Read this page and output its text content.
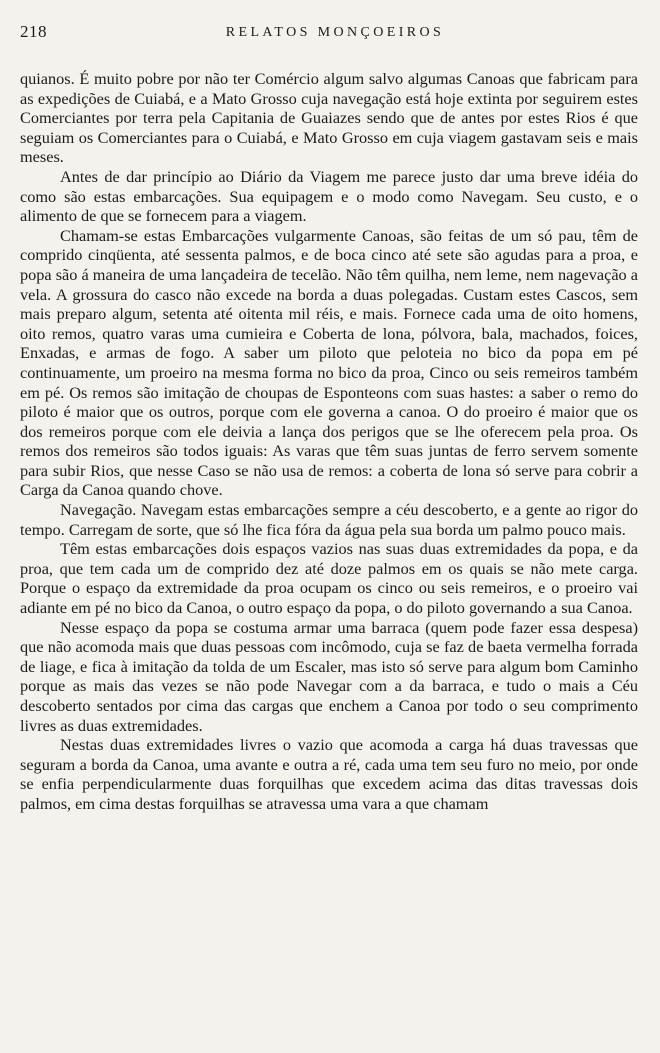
218	RELATOS MONÇOEIROS

quianos. É muito pobre por não ter Comércio algum salvo algumas Canoas que fabricam para as expedições de Cuiabá, e a Mato Grosso cuja navegação está hoje extinta por seguirem estes Comerciantes por terra pela Capitania de Guaiazes sendo que de antes por estes Rios é que seguiam os Comerciantes para o Cuiabá, e Mato Grosso em cuja viagem gastavam seis e mais meses.

Antes de dar princípio ao Diário da Viagem me parece justo dar uma breve idéia do como são estas embarcações. Sua equipagem e o modo como Navegam. Seu custo, e o alimento de que se fornecem para a viagem.

Chamam-se estas Embarcações vulgarmente Canoas, são feitas de um só pau, têm de comprido cinqüenta, até sessenta palmos, e de boca cinco até sete são agudas para a proa, e popa são á maneira de uma lançadeira de tecelão. Não têm quilha, nem leme, nem nagevação a vela. A grossura do casco não excede na borda a duas polegadas. Custam estes Cascos, sem mais preparo algum, setenta até oitenta mil réis, e mais. Fornece cada uma de oito homens, oito remos, quatro varas uma cumieira e Coberta de lona, pólvora, bala, machados, foices, Enxadas, e armas de fogo. A saber um piloto que peloteia no bico da popa em pé continuamente, um proeiro na mesma forma no bico da proa, Cinco ou seis remeiros também em pé. Os remos são imitação de choupas de Esponteons com suas hastes: a saber o remo do piloto é maior que os outros, porque com ele governa a canoa. O do proeiro é maior que os dos remeiros porque com ele deivia a lança dos perigos que se lhe oferecem pela proa. Os remos dos remeiros são todos iguais: As varas que têm suas juntas de ferro servem somente para subir Rios, que nesse Caso se não usa de remos: a coberta de lona só serve para cobrir a Carga da Canoa quando chove.

Navegação. Navegam estas embarcações sempre a céu descoberto, e a gente ao rigor do tempo. Carregam de sorte, que só lhe fica fóra da água pela sua borda um palmo pouco mais.

Têm estas embarcações dois espaços vazios nas suas duas extremidades da popa, e da proa, que tem cada um de comprido dez até doze palmos em os quais se não mete carga. Porque o espaço da extremidade da proa ocupam os cinco ou seis remeiros, e o proeiro vai adiante em pé no bico da Canoa, o outro espaço da popa, o do piloto governando a sua Canoa.

Nesse espaço da popa se costuma armar uma barraca (quem pode fazer essa despesa) que não acomoda mais que duas pessoas com incômodo, cuja se faz de baeta vermelha forrada de liage, e fica à imitação da tolda de um Escaler, mas isto só serve para algum bom Caminho porque as mais das vezes se não pode Navegar com a da barraca, e tudo o mais a Céu descoberto sentados por cima das cargas que enchem a Canoa por todo o seu comprimento livres as duas extremidades.

Nestas duas extremidades livres o vazio que acomoda a carga há duas travessas que seguram a borda da Canoa, uma avante e outra a ré, cada uma tem seu furo no meio, por onde se enfia perpendicularmente duas forquilhas que excedem acima das ditas travessas dois palmos, em cima destas forquilhas se atravessa uma vara a que chamam
